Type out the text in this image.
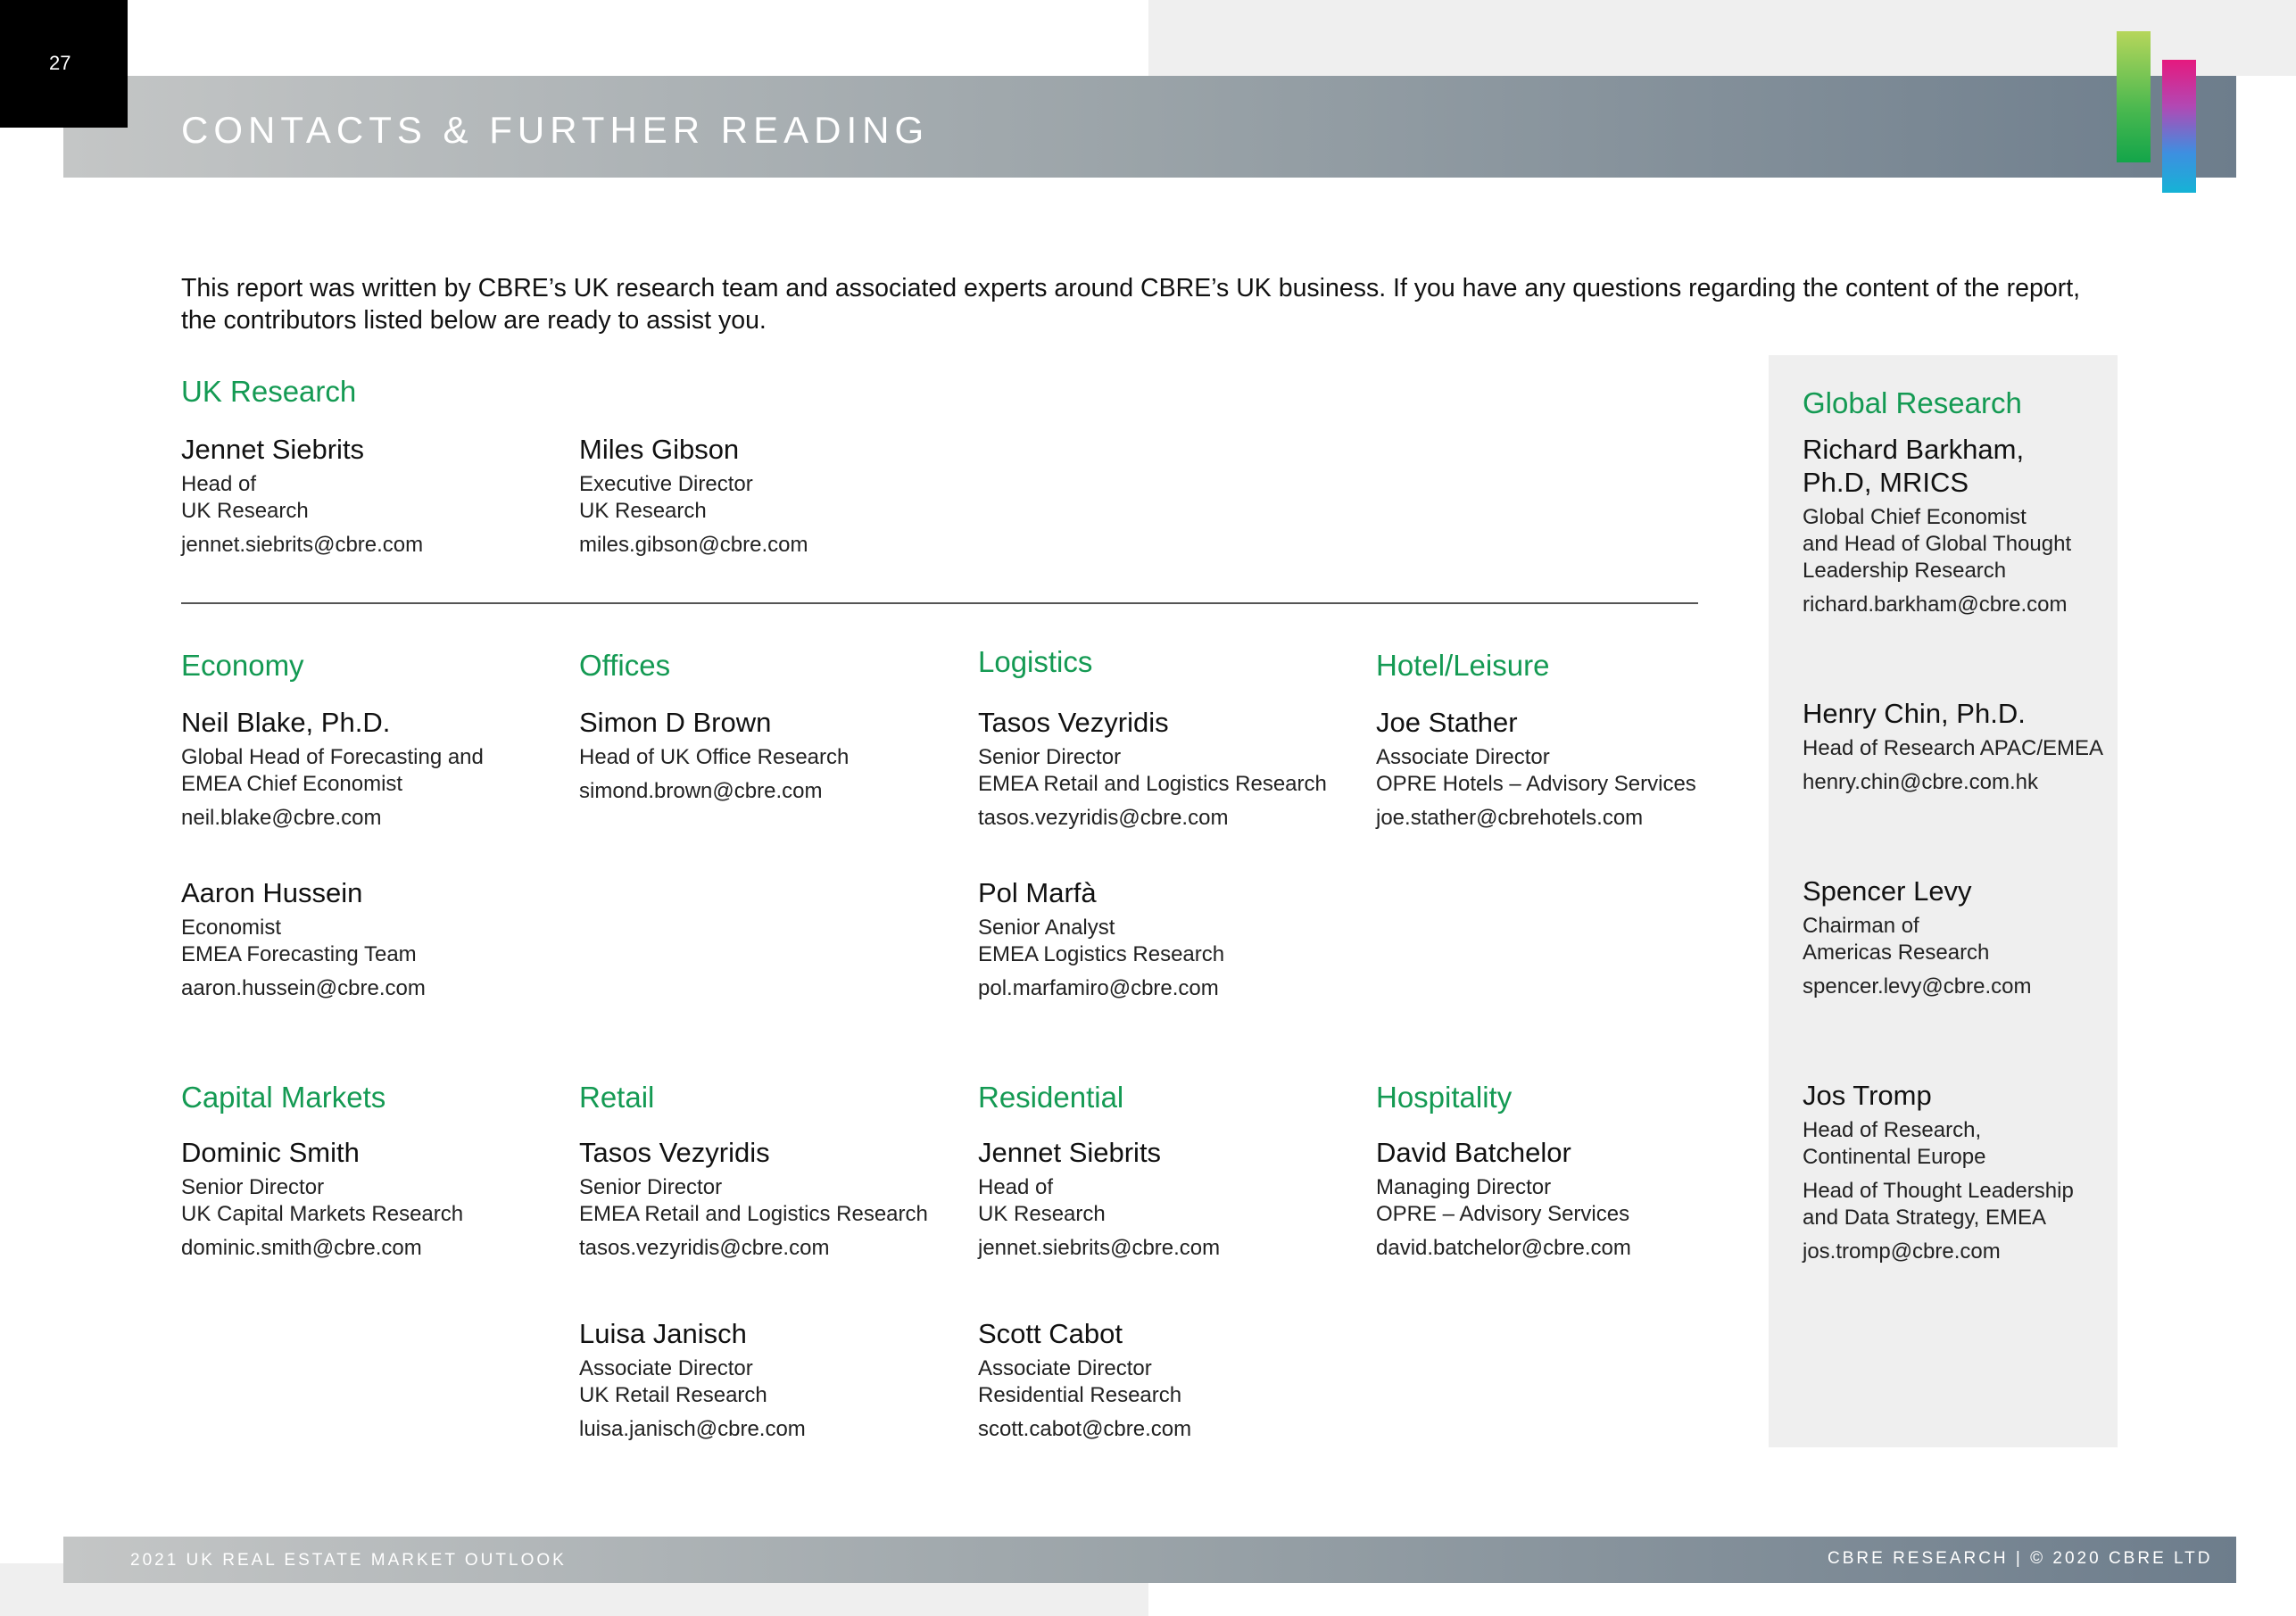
27
CONTACTS & FURTHER READING
This report was written by CBRE’s UK research team and associated experts around CBRE’s UK business. If you have any questions regarding the content of the report, the contributors listed below are ready to assist you.
UK Research
Jennet Siebrits
Head of
UK Research
jennet.siebrits@cbre.com
Miles Gibson
Executive Director
UK Research
miles.gibson@cbre.com
Economy
Neil Blake, Ph.D.
Global Head of Forecasting and
EMEA Chief Economist
neil.blake@cbre.com
Aaron Hussein
Economist
EMEA Forecasting Team
aaron.hussein@cbre.com
Offices
Simon D Brown
Head of UK Office Research
simond.brown@cbre.com
Logistics
Tasos Vezyridis
Senior Director
EMEA Retail and Logistics Research
tasos.vezyridis@cbre.com
Pol Marfà
Senior Analyst
EMEA Logistics Research
pol.marfamiro@cbre.com
Hotel/Leisure
Joe Stather
Associate Director
OPRE Hotels – Advisory Services
joe.stather@cbrehotels.com
Capital Markets
Dominic Smith
Senior Director
UK Capital Markets Research
dominic.smith@cbre.com
Retail
Tasos Vezyridis
Senior Director
EMEA Retail and Logistics Research
tasos.vezyridis@cbre.com
Luisa Janisch
Associate Director
UK Retail Research
luisa.janisch@cbre.com
Residential
Jennet Siebrits
Head of
UK Research
jennet.siebrits@cbre.com
Scott Cabot
Associate Director
Residential Research
scott.cabot@cbre.com
Hospitality
David Batchelor
Managing Director
OPRE – Advisory Services
david.batchelor@cbre.com
Global Research
Richard Barkham,
Ph.D, MRICS
Global Chief Economist
and Head of Global Thought
Leadership Research
richard.barkham@cbre.com
Henry Chin, Ph.D.
Head of Research APAC/EMEA
henry.chin@cbre.com.hk
Spencer Levy
Chairman of
Americas Research
spencer.levy@cbre.com
Jos Tromp
Head of Research,
Continental Europe
Head of Thought Leadership
and Data Strategy, EMEA
jos.tromp@cbre.com
2021 UK REAL ESTATE MARKET OUTLOOK	CBRE RESEARCH | © 2020 CBRE LTD
